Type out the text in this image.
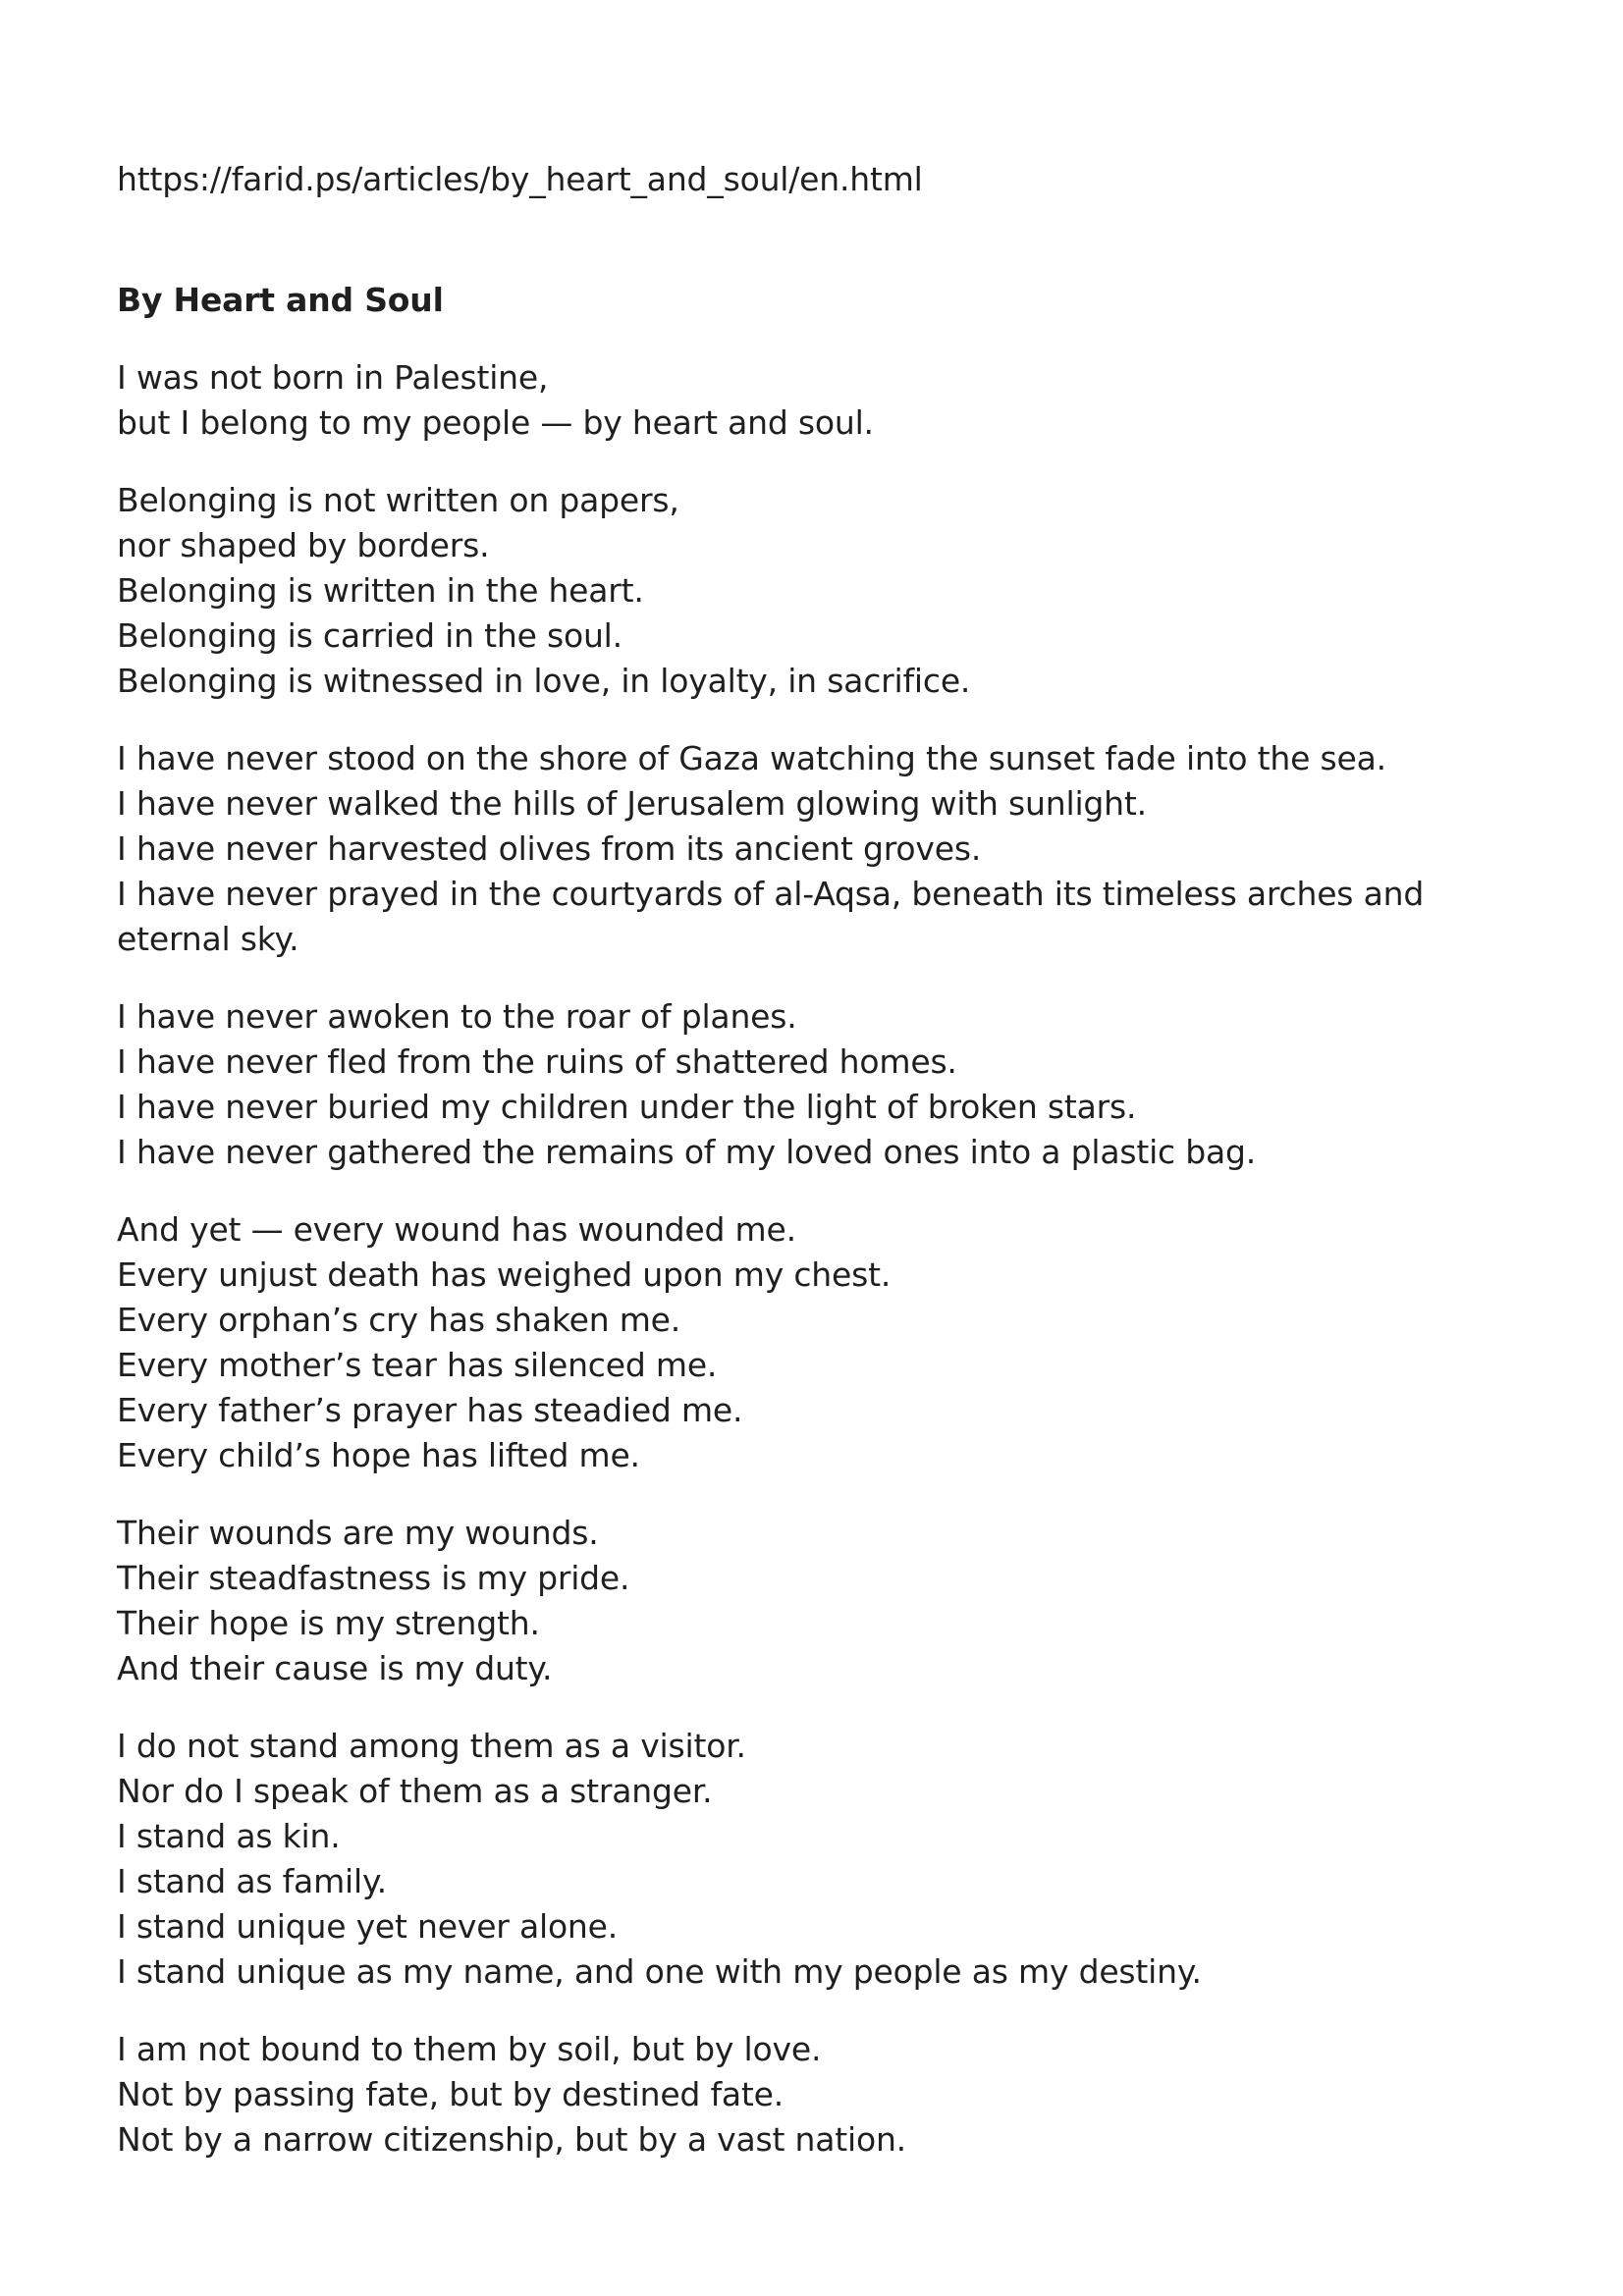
https://farid.ps/articles/by_heart_and_soul/en.html

By Heart and Soul
I was not born in Palestine,
but I belong to my people — by heart and soul.
Belonging is not written on papers,
nor shaped by borders.
Belonging is written in the heart.
Belonging is carried in the soul.
Belonging is witnessed in love, in loyalty, in sacrifice.
I have never stood on the shore of Gaza watching the sunset fade into the sea.
I have never walked the hills of Jerusalem glowing with sunlight.
I have never harvested olives from its ancient groves.
I have never prayed in the courtyards of al-Aqsa, beneath its timeless arches and eternal sky.
I have never awoken to the roar of planes.
I have never fled from the ruins of shattered homes.
I have never buried my children under the light of broken stars.
I have never gathered the remains of my loved ones into a plastic bag.
And yet — every wound has wounded me.
Every unjust death has weighed upon my chest.
Every orphan’s cry has shaken me.
Every mother’s tear has silenced me.
Every father’s prayer has steadied me.
Every child’s hope has lifted me.
Their wounds are my wounds.
Their steadfastness is my pride.
Their hope is my strength.
And their cause is my duty.
I do not stand among them as a visitor.
Nor do I speak of them as a stranger.
I stand as kin.
I stand as family.
I stand unique yet never alone.
I stand unique as my name, and one with my people as my destiny.
I am not bound to them by soil, but by love.
Not by passing fate, but by destined fate.
Not by a narrow citizenship, but by a vast nation.
